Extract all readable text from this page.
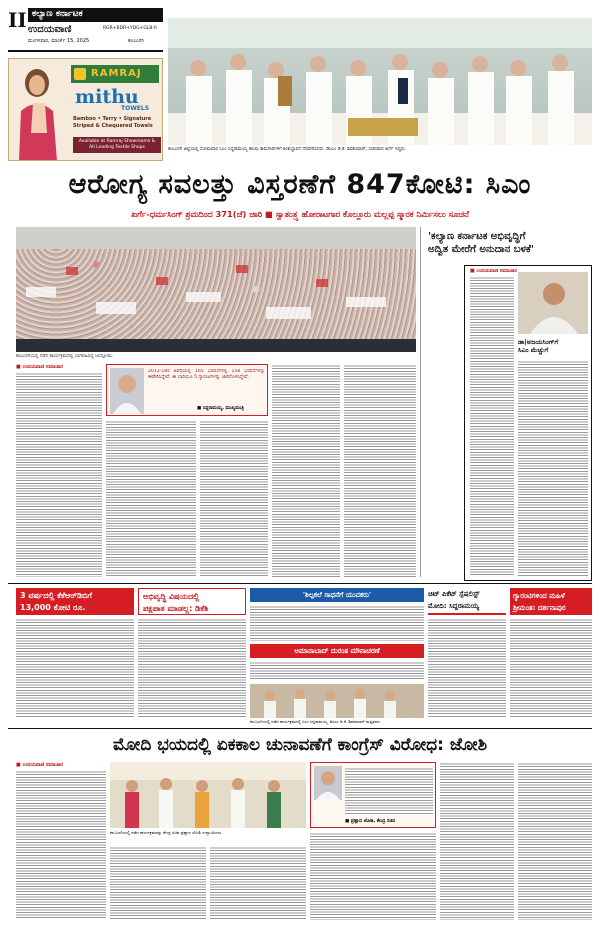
II ಕಲ್ಯಾಣ ಕರ್ನಾಟಕ
ಉದಯವಾಣಿ	RGR+BDR+YDG+GLB:II
ಮಂಗಳವಾರ, ಮಾರ್ಚ್ 15, 2025	ಕಲಬುರಗಿ
RAMRAJ
mithu
TOWELS
Bamboo • Terry • Signature
Striped & Chequered Towels
Available at Ramraj Showrooms &
All Leading Textile Shops	ಕಲಬುರಗಿ ಜಿಲ್ಲೆಯಲ್ಲಿ ಸೋಮವಾರ ಸಿಎಂ ಸಿದ್ದರಾಮಯ್ಯ ಹಲವು ಕಾಮಗಾರಿಗಳಿಗೆ ಶಂಕುಸ್ಥಾಪನೆ ನೆರವೇರಿಸಿದರು. ಡಿಸಿಎಂ ಡಿ.ಕೆ. ಶಿವಕುಮಾರ್, ಸಚಿವರಾದ ಖರ್ಗೆ ಇದ್ದರು.
ಆರೋಗ್ಯ ಸವಲತ್ತು ವಿಸ್ತರಣೆಗೆ 847ಕೋಟಿ: ಸಿಎಂ
ಖರ್ಗೆ-ಧರ್ಮಸಿಂಗ್ ಶ್ರಮದಿಂದ 371(ಜೆ) ಜಾರಿ ■ ಸ್ವಾತಂತ್ರ್ಯ ಹೋರಾಟಗಾರ ಕೊಲ್ಲೂರು ಮಲ್ಲಪ್ಪ ಸ್ಮಾರಕ ನಿರ್ಮಿಸಲು ಸೂಚನೆ
ಕಲಬುರಗಿಯಲ್ಲಿ ನಡೆದ ಕಾರ್ಯಕ್ರಮದಲ್ಲಿ ಭಾಗವಹಿಸಿದ್ದ ಜನಸ್ತೋಮ.
■ ಉದಯವಾಣಿ ಸಮಾಚಾರ
2013-18ರ ಅವಧಿಯಲ್ಲಿ 165 ಭರವಸೆಗಳಲ್ಲಿ 158 ಭರವಸೆಗಳನ್ನು ಈಡೇರಿಸಿದ್ದೇವೆ. ಈ ಬಾರಿಯೂ 5 ಗ್ಯಾರಂಟಿಗಳನ್ನು ಜಾರಿಗೊಳಿಸಿದ್ದೇವೆ.
■ ಸಿದ್ದರಾಮಯ್ಯ, ಮುಖ್ಯಮಂತ್ರಿ
'ಕಲ್ಯಾಣ ಕರ್ನಾಟಕ ಅಭಿವೃದ್ಧಿಗೆ
ಅದ್ವಿತ ಮೇರೆಗೆ ಅನುದಾನ ಬಳಕೆ'
■ ಉದಯವಾಣಿ ಸಮಾಚಾರ
ಡಾ|ಅಜಯಸಿಂಗ್‌ಗೆ
ಸಿಎಂ ಮೆಚ್ಚುಗೆ
3 ವರ್ಷದಲ್ಲಿ ಕೆಕೆಆರ್‌ಡಿಬಿಗೆ
13,000 ಕೋಟಿ ರೂ.
ಅಭಿವೃದ್ಧಿ ವಿಷಯದಲ್ಲಿ
ಪಕ್ಷಪಾತ ಮಾಡಲ್ಲ: ಡಿಕೆಶಿ
'ಶಿಲ್ಪಕಲೆ ಸಾಧನೆಗೆ ಯುವಕರು'
ಆಮಾನಾಬಾದ್ ದುರಂತ ಮೌನಾಚರಣೆ
ಕಲಬುರಗಿಯಲ್ಲಿ ನಡೆದ ಕಾರ್ಯಕ್ರಮದಲ್ಲಿ ಸಿಎಂ ಸಿದ್ದರಾಮಯ್ಯ, ಡಿಸಿಎಂ ಡಿ.ಕೆ. ಶಿವಕುಮಾರ್ ಮತ್ತಿತರರು.
ಚಿಟ್ ಪಿಕೆಟ್ ಸ್ಪೆಷಲಿಸ್ಟ್
ಮೋದಿ: ಸಿದ್ದರಾಮಯ್ಯ
ಗ್ಯಾರಂಟಿಗಳಿಂದ ಮಹಿಳೆ
ಶ್ರೀಮಂತ: ದರ್ಶನಾಪುರ
ಮೋದಿ ಭಯದಲ್ಲಿ ಏಕಕಾಲ ಚುನಾವಣೆಗೆ ಕಾಂಗ್ರೆಸ್ ವಿರೋಧ: ಜೋಶಿ
■ ಉದಯವಾಣಿ ಸಮಾಚಾರ
ಕಲಬುರಗಿಯಲ್ಲಿ ನಡೆದ ಕಾರ್ಯಕ್ರಮವನ್ನು ಕೇಂದ್ರ ಸಚಿವ ಪ್ರಹ್ಲಾದ ಜೋಶಿ ಉದ್ಘಾಟಿಸಿದರು.
■ ಪ್ರಹ್ಲಾದ ಜೋಶಿ, ಕೇಂದ್ರ ಸಚಿವ
